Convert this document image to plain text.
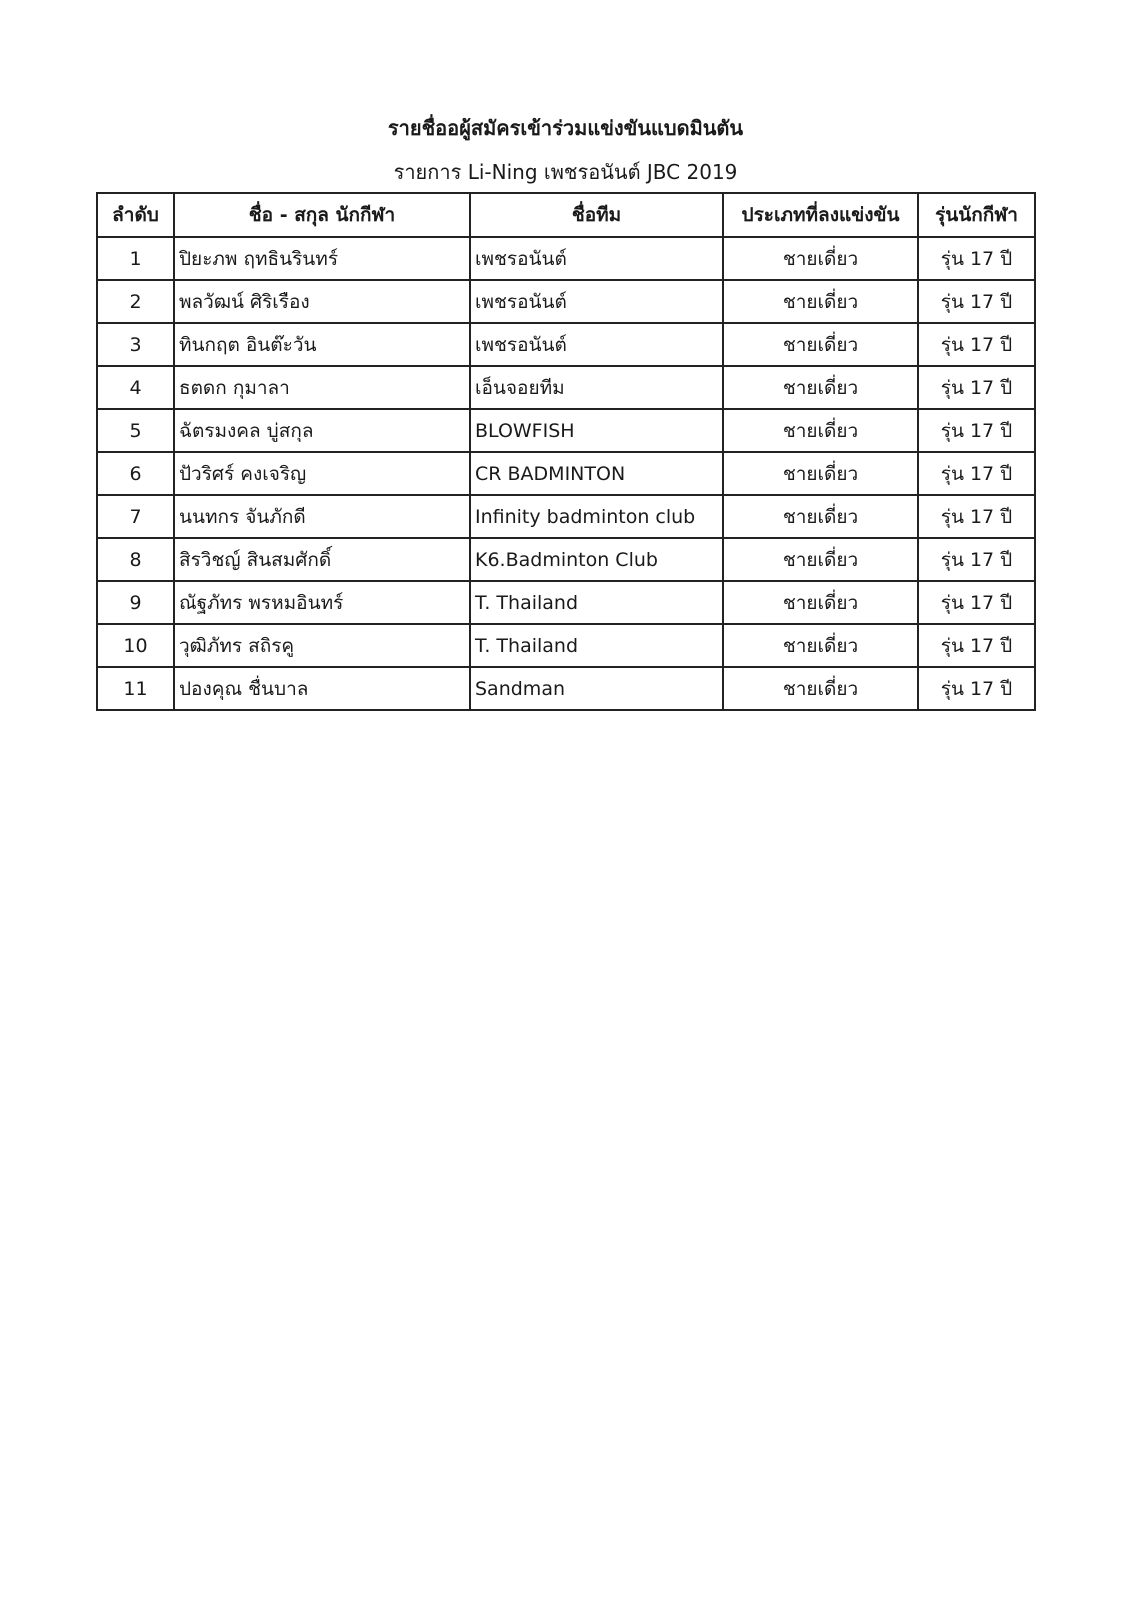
รายชื่ออผู้สมัครเข้าร่วมแข่งขันแบดมินตัน
รายการ Li-Ning เพชรอนันต์ JBC 2019
ลำดับ	ชื่อ - สกุล นักกีฬา	ชื่อทีม	ประเภทที่ลงแข่งขัน	รุ่นนักกีฬา
1	ปิยะภพ ฤทธินรินทร์	เพชรอนันต์	ชายเดี่ยว	รุ่น 17 ปี
2	พลวัฒน์ ศิริเรือง	เพชรอนันต์	ชายเดี่ยว	รุ่น 17 ปี
3	ทินกฤต อินต๊ะวัน	เพชรอนันต์	ชายเดี่ยว	รุ่น 17 ปี
4	ธตดก กุมาลา	เอ็นจอยทีม	ชายเดี่ยว	รุ่น 17 ปี
5	ฉัตรมงคล บู่สกุล	BLOWFISH	ชายเดี่ยว	รุ่น 17 ปี
6	ปัวริศร์ คงเจริญ	CR BADMINTON	ชายเดี่ยว	รุ่น 17 ปี
7	นนทกร จันภักดี	Infinity badminton club	ชายเดี่ยว	รุ่น 17 ปี
8	สิรวิชญ์ สินสมศักดิ์	K6.Badminton Club	ชายเดี่ยว	รุ่น 17 ปี
9	ณัฐภัทร พรหมอินทร์	T. Thailand	ชายเดี่ยว	รุ่น 17 ปี
10	วุฒิภัทร สถิรคู	T. Thailand	ชายเดี่ยว	รุ่น 17 ปี
11	ปองคุณ ชื่นบาล	Sandman	ชายเดี่ยว	รุ่น 17 ปี
